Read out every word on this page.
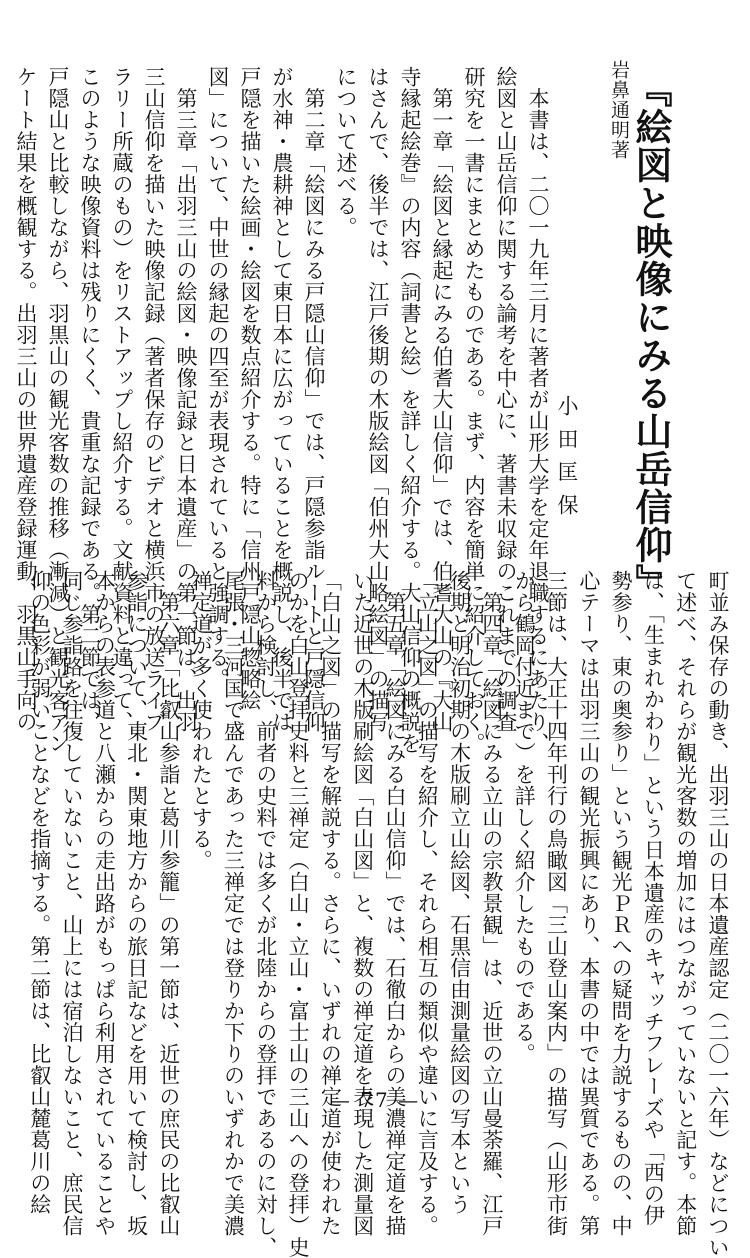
岩鼻通明著 『絵図と映像にみる山岳信仰』
小田匡保
　本書は、二〇一九年三月に著者が山形大学を定年退職するにあたり、
絵図と山岳信仰に関する論考を中心に、著書未収録のこれまでの調査
研究を一書にまとめたものである。まず、内容を簡単に紹介しておく。
　第一章「絵図と縁起にみる伯耆大山信仰」では、伯耆大山の『大山
寺縁起絵巻』の内容（詞書と絵）を詳しく紹介する。大山信仰の概説を
はさんで、後半では、江戸後期の木版絵図「伯州大山略絵図」の描写
について述べる。
　第二章「絵図にみる戸隠山信仰」では、戸隠参詣ルートと戸隠信仰
が水神・農耕神として東日本に広がっていることを概説し、後半では
戸隠を描いた絵画・絵図を数点紹介する。特に「信州戸隠山惣略絵
図」について、中世の縁起の四至が表現されていると強調する。
　第三章「出羽三山の絵図・映像記録と日本遺産」の第一節は、出羽
三山信仰を描いた映像記録（著者保存のビデオと横浜市の放送ライブ
ラリー所蔵のもの）をリストアップし紹介する。文献資料と違って、
このような映像資料は残りにくく、貴重な記録である。第二節では、
戸隠山と比較しながら、羽黒山の観光客数の推移（漸減）と観光客アン
ケート結果を概観する。出羽三山の世界遺産登録運動、羽黒山手向の
町並み保存の動き、出羽三山の日本遺産認定（二〇一六年）などについ
て述べ、それらが観光客数の増加にはつながっていないと記す。本節
は、「生まれかわり」という日本遺産のキャッチフレーズや「西の伊
勢参り、東の奥参り」という観光ＰＲへの疑問を力説するものの、中
心テーマは出羽三山の観光振興にあり、本書の中では異質である。第
三節は、大正十四年刊行の鳥瞰図「三山登山案内」の描写（山形市街
から鶴岡付近まで）を詳しく紹介したものである。
　第四章「絵図にみる立山の宗教景観」は、近世の立山曼荼羅、江戸
後期と明治初期の木版刷立山絵図、石黒信由測量絵図の写本という
「立山之図」の描写を紹介し、それら相互の類似や違いに言及する。
　第五章「絵図にみる白山信仰」では、石徹白からの美濃禅定道を描
いた近世の木版刷絵図「白山図」と、複数の禅定道を表現した測量図
「白山之図」の描写を解説する。さらに、いずれの禅定道が使われた
のかを白山登拝史料と三禅定（白山・立山・富士山の三山への登拝）史
料から検討し、前者の史料では多くが北陸からの登拝であるのに対し、
尾張・三河国で盛んであった三禅定では登りか下りのいずれかで美濃
禅定道が多く使われたとする。
　第六章「比叡山参詣と葛川参籠」の第一節は、近世の庶民の比叡山
参詣について、東北・関東地方からの旅日記などを用いて検討し、坂
本からの表参道と八瀬からの走出路がもっぱら利用されていることや
同じ参詣路を往復していないこと、山上には宿泊しないこと、庶民信
仰の色彩が弱いことなどを指摘する。第二節は、比叡山麓葛川の絵	— 77 —
